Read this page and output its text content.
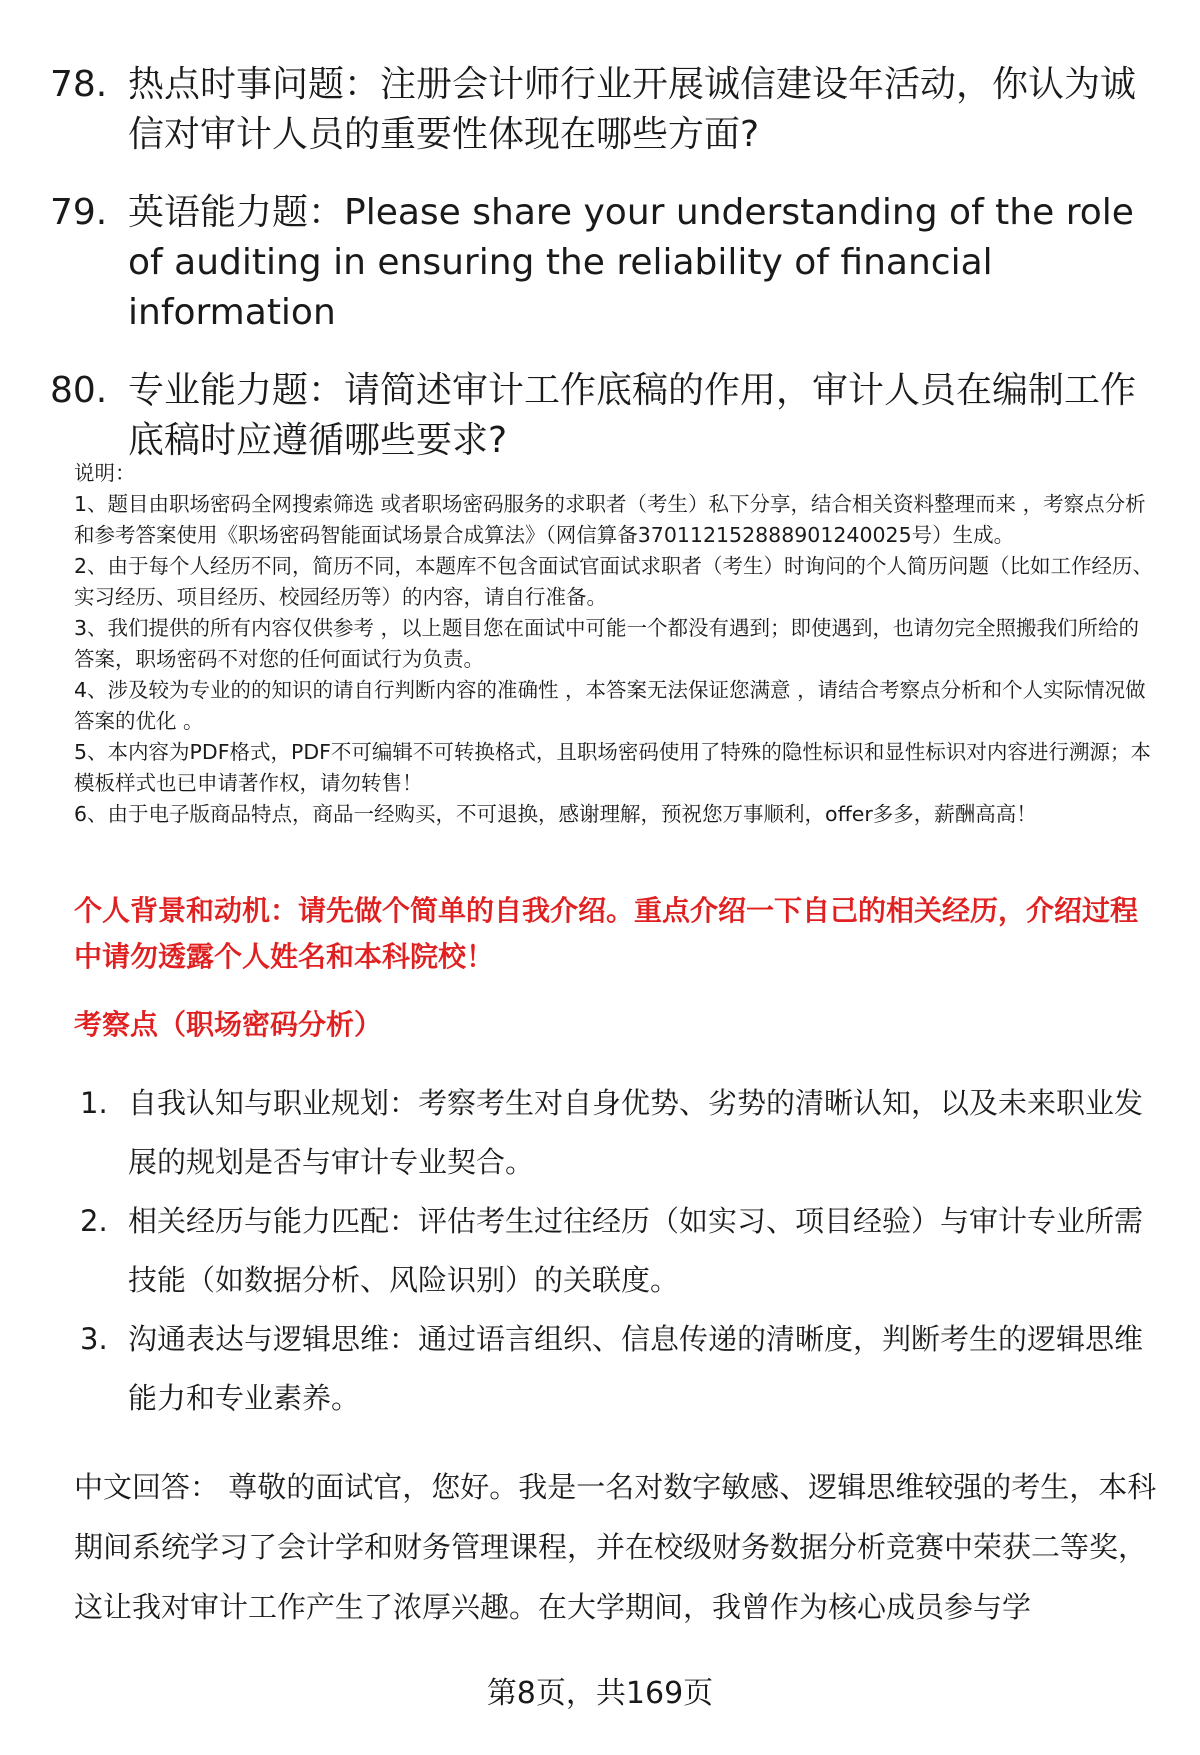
78. 热点时事问题：注册会计师行业开展诚信建设年活动，你认为诚信对审计人员的重要性体现在哪些方面?
79. 英语能力题：Please share your understanding of the role of auditing in ensuring the reliability of financial information
80. 专业能力题：请简述审计工作底稿的作用，审计人员在编制工作底稿时应遵循哪些要求?

说明：

1、题目由职场密码全网搜索筛选 或者职场密码服务的求职者（考生）私下分享，结合相关资料整理而来 ，考察点分析和参考答案使用《职场密码智能面试场景合成算法》（网信算备370112152888901240025号）生成。

2、由于每个人经历不同，简历不同，本题库不包含面试官面试求职者（考生）时询问的个人简历问题（比如工作经历、实习经历、项目经历、校园经历等）的内容，请自行准备。

3、我们提供的所有内容仅供参考 ，以上题目您在面试中可能一个都没有遇到；即使遇到，也请勿完全照搬我们所给的答案，职场密码不对您的任何面试行为负责。

4、涉及较为专业的的知识的请自行判断内容的准确性 ，本答案无法保证您满意 ，请结合考察点分析和个人实际情况做答案的优化 。

5、本内容为PDF格式，PDF不可编辑不可转换格式，且职场密码使用了特殊的隐性标识和显性标识对内容进行溯源；本模板样式也已申请著作权，请勿转售！

6、由于电子版商品特点，商品一经购买，不可退换，感谢理解，预祝您万事顺利，offer多多，薪酬高高！

个人背景和动机：请先做个简单的自我介绍。重点介绍一下自己的相关经历，介绍过程中请勿透露个人姓名和本科院校！
考察点（职场密码分析）
1. 自我认知与职业规划：考察考生对自身优势、劣势的清晰认知，以及未来职业发展的规划是否与审计专业契合。
2. 相关经历与能力匹配：评估考生过往经历（如实习、项目经验）与审计专业所需技能（如数据分析、风险识别）的关联度。
3. 沟通表达与逻辑思维：通过语言组织、信息传递的清晰度，判断考生的逻辑思维能力和专业素养。
中文回答： 尊敬的面试官，您好。我是一名对数字敏感、逻辑思维较强的考生，本科期间系统学习了会计学和财务管理课程，并在校级财务数据分析竞赛中荣获二等奖，这让我对审计工作产生了浓厚兴趣。在大学期间，我曾作为核心成员参与学
第8页，共169页
